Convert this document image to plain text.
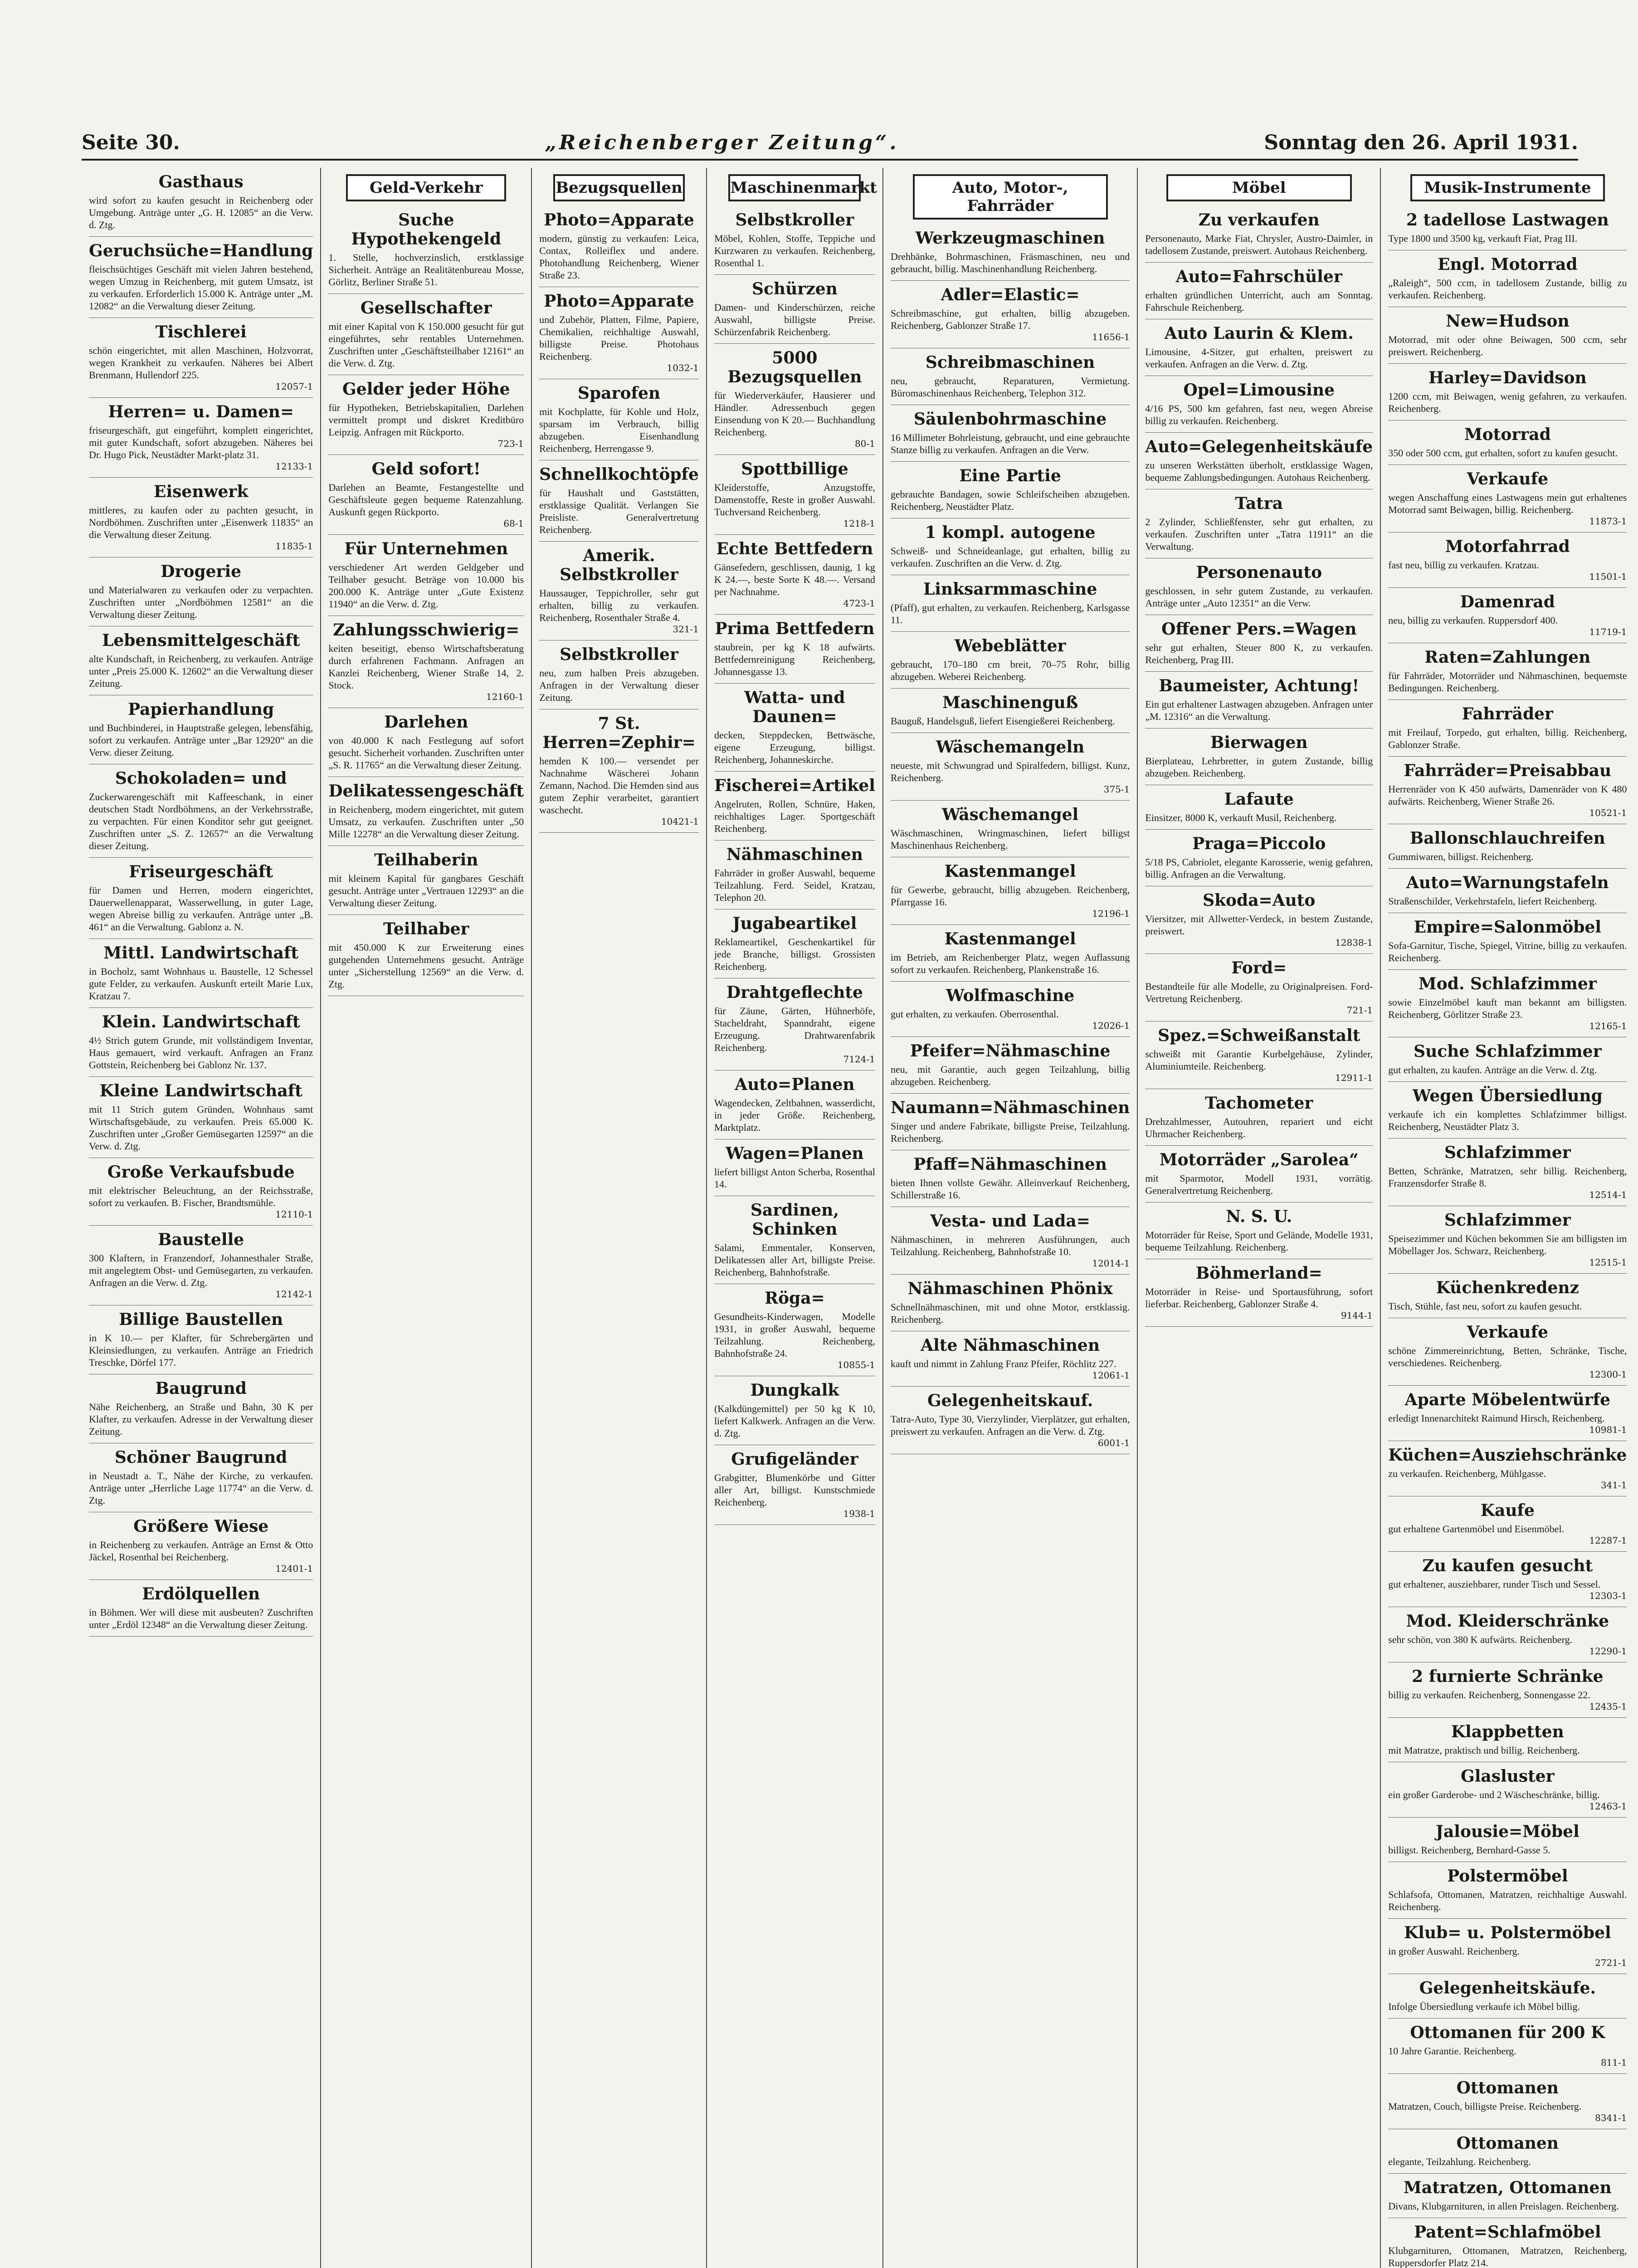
Seite 30.	„Reichenberger Zeitung“.	Sonntag den 26. April 1931.
Gasthaus

wird sofort zu kaufen gesucht in Reichenberg oder Umgebung. Anträge unter „G. H. 12085“ an die Verw. d. Ztg.

Geruchsüche=Handlung

fleischsüchtiges Geschäft mit vielen Jahren bestehend, wegen Umzug in Reichenberg, mit gutem Umsatz, ist zu verkaufen. Erforderlich 15.000 K. Anträge unter „M. 12082“ an die Verwaltung dieser Zeitung.

Tischlerei

schön eingerichtet, mit allen Maschinen, Holzvorrat, wegen Krankheit zu verkaufen. Näheres bei Albert Brenmann, Hullendorf 225.

12057-1
Herren= u. Damen=

friseurgeschäft, gut eingeführt, komplett eingerichtet, mit guter Kundschaft, sofort abzugeben. Näheres bei Dr. Hugo Pick, Neustädter Markt-platz 31.

12133-1
Eisenwerk

mittleres, zu kaufen oder zu pachten gesucht, in Nordböhmen. Zuschriften unter „Eisenwerk 11835“ an die Verwaltung dieser Zeitung.

11835-1
Drogerie

und Materialwaren zu verkaufen oder zu verpachten. Zuschriften unter „Nordböhmen 12581“ an die Verwaltung dieser Zeitung.

Lebensmittelgeschäft

alte Kundschaft, in Reichenberg, zu verkaufen. Anträge unter „Preis 25.000 K. 12602“ an die Verwaltung dieser Zeitung.

Papierhandlung

und Buchbinderei, in Hauptstraße gelegen, lebensfähig, sofort zu verkaufen. Anträge unter „Bar 12920“ an die Verw. dieser Zeitung.

Schokoladen= und

Zuckerwarengeschäft mit Kaffeeschank, in einer deutschen Stadt Nordböhmens, an der Verkehrsstraße, zu verpachten. Für einen Konditor sehr gut geeignet. Zuschriften unter „S. Z. 12657“ an die Verwaltung dieser Zeitung.

Friseurgeschäft

für Damen und Herren, modern eingerichtet, Dauerwellenapparat, Wasserwellung, in guter Lage, wegen Abreise billig zu verkaufen. Anträge unter „B. 461“ an die Verwaltung. Gablonz a. N.

Mittl. Landwirtschaft

in Bocholz, samt Wohnhaus u. Baustelle, 12 Schessel gute Felder, zu verkaufen. Auskunft erteilt Marie Lux, Kratzau 7.

Klein. Landwirtschaft

4½ Strich gutem Grunde, mit vollständigem Inventar, Haus gemauert, wird verkauft. Anfragen an Franz Gottstein, Reichenberg bei Gablonz Nr. 137.

Kleine Landwirtschaft

mit 11 Strich gutem Gründen, Wohnhaus samt Wirtschaftsgebäude, zu verkaufen. Preis 65.000 K. Zuschriften unter „Großer Gemüsegarten 12597“ an die Verw. d. Ztg.

Große Verkaufsbude

mit elektrischer Beleuchtung, an der Reichsstraße, sofort zu verkaufen. B. Fischer, Brandtsmühle.

12110-1
Baustelle

300 Klaftern, in Franzendorf, Johannesthaler Straße, mit angelegtem Obst- und Gemüsegarten, zu verkaufen. Anfragen an die Verw. d. Ztg.

12142-1
Billige Baustellen

in K 10.— per Klafter, für Schrebergärten und Kleinsiedlungen, zu verkaufen. Anträge an Friedrich Treschke, Dörfel 177.

Baugrund

Nähe Reichenberg, an Straße und Bahn, 30 K per Klafter, zu verkaufen. Adresse in der Verwaltung dieser Zeitung.

Schöner Baugrund

in Neustadt a. T., Nähe der Kirche, zu verkaufen. Anträge unter „Herrliche Lage 11774“ an die Verw. d. Ztg.

Größere Wiese

in Reichenberg zu verkaufen. Anträge an Ernst & Otto Jäckel, Rosenthal bei Reichenberg.

12401-1
Erdölquellen

in Böhmen. Wer will diese mit ausbeuten? Zuschriften unter „Erdöl 12348“ an die Verwaltung dieser Zeitung.

Geld-Verkehr
Suche Hypothekengeld

1. Stelle, hochverzinslich, erstklassige Sicherheit. Anträge an Realitätenbureau Mosse, Görlitz, Berliner Straße 51.

Gesellschafter

mit einer Kapital von K 150.000 gesucht für gut eingeführtes, sehr rentables Unternehmen. Zuschriften unter „Geschäftsteilhaber 12161“ an die Verw. d. Ztg.

Gelder jeder Höhe

für Hypotheken, Betriebskapitalien, Darlehen vermittelt prompt und diskret Kreditbüro Leipzig. Anfragen mit Rückporto.

723-1
Geld sofort!

Darlehen an Beamte, Festangestellte und Geschäftsleute gegen bequeme Ratenzahlung. Auskunft gegen Rückporto.

68-1
Für Unternehmen

verschiedener Art werden Geldgeber und Teilhaber gesucht. Beträge von 10.000 bis 200.000 K. Anträge unter „Gute Existenz 11940“ an die Verw. d. Ztg.

Zahlungsschwierig=

keiten beseitigt, ebenso Wirtschaftsberatung durch erfahrenen Fachmann. Anfragen an Kanzlei Reichenberg, Wiener Straße 14, 2. Stock.

12160-1
Darlehen

von 40.000 K nach Festlegung auf sofort gesucht. Sicherheit vorhanden. Zuschriften unter „S. R. 11765“ an die Verwaltung dieser Zeitung.

Delikatessengeschäft

in Reichenberg, modern eingerichtet, mit gutem Umsatz, zu verkaufen. Zuschriften unter „50 Mille 12278“ an die Verwaltung dieser Zeitung.

Teilhaberin

mit kleinem Kapital für gangbares Geschäft gesucht. Anträge unter „Vertrauen 12293“ an die Verwaltung dieser Zeitung.

Teilhaber

mit 450.000 K zur Erweiterung eines gutgehenden Unternehmens gesucht. Anträge unter „Sicherstellung 12569“ an die Verw. d. Ztg.

Bezugsquellen
Photo=Apparate

modern, günstig zu verkaufen: Leica, Contax, Rolleiflex und andere. Photohandlung Reichenberg, Wiener Straße 23.

Photo=Apparate

und Zubehör, Platten, Filme, Papiere, Chemikalien, reichhaltige Auswahl, billigste Preise. Photohaus Reichenberg.

1032-1
Sparofen

mit Kochplatte, für Kohle und Holz, sparsam im Verbrauch, billig abzugeben. Eisenhandlung Reichenberg, Herrengasse 9.

Schnellkochtöpfe

für Haushalt und Gaststätten, erstklassige Qualität. Verlangen Sie Preisliste. Generalvertretung Reichenberg.

Amerik. Selbstkroller

Haussauger, Teppichroller, sehr gut erhalten, billig zu verkaufen. Reichenberg, Rosenthaler Straße 4.

321-1
Selbstkroller

neu, zum halben Preis abzugeben. Anfragen in der Verwaltung dieser Zeitung.

7 St. Herren=Zephir=

hemden K 100.— versendet per Nachnahme Wäscherei Johann Zemann, Nachod. Die Hemden sind aus gutem Zephir verarbeitet, garantiert waschecht.

10421-1
Maschinenmarkt
Selbstkroller

Möbel, Kohlen, Stoffe, Teppiche und Kurzwaren zu verkaufen. Reichenberg, Rosenthal 1.

Schürzen

Damen- und Kinderschürzen, reiche Auswahl, billigste Preise. Schürzenfabrik Reichenberg.

5000 Bezugsquellen

für Wiederverkäufer, Hausierer und Händler. Adressenbuch gegen Einsendung von K 20.— Buchhandlung Reichenberg.

80-1
Spottbillige

Kleiderstoffe, Anzugstoffe, Damenstoffe, Reste in großer Auswahl. Tuchversand Reichenberg.

1218-1
Echte Bettfedern

Gänsefedern, geschlissen, daunig, 1 kg K 24.—, beste Sorte K 48.—. Versand per Nachnahme.

4723-1
Prima Bettfedern

staubrein, per kg K 18 aufwärts. Bettfedernreinigung Reichenberg, Johannesgasse 13.

Watta- und Daunen=

decken, Steppdecken, Bettwäsche, eigene Erzeugung, billigst. Reichenberg, Johanneskirche.

Fischerei=Artikel

Angelruten, Rollen, Schnüre, Haken, reichhaltiges Lager. Sportgeschäft Reichenberg.

Nähmaschinen

Fahrräder in großer Auswahl, bequeme Teilzahlung. Ferd. Seidel, Kratzau, Telephon 20.

Jugabeartikel

Reklameartikel, Geschenkartikel für jede Branche, billigst. Grossisten Reichenberg.

Drahtgeflechte

für Zäune, Gärten, Hühnerhöfe, Stacheldraht, Spanndraht, eigene Erzeugung. Drahtwarenfabrik Reichenberg.

7124-1
Auto=Planen

Wagendecken, Zeltbahnen, wasserdicht, in jeder Größe. Reichenberg, Marktplatz.

Wagen=Planen

liefert billigst Anton Scherba, Rosenthal 14.

Sardinen, Schinken

Salami, Emmentaler, Konserven, Delikatessen aller Art, billigste Preise. Reichenberg, Bahnhofstraße.

Röga=

Gesundheits-Kinderwagen, Modelle 1931, in großer Auswahl, bequeme Teilzahlung. Reichenberg, Bahnhofstraße 24.

10855-1
Dungkalk

(Kalkdüngemittel) per 50 kg K 10, liefert Kalkwerk. Anfragen an die Verw. d. Ztg.

Grufigeländer

Grabgitter, Blumenkörbe und Gitter aller Art, billigst. Kunstschmiede Reichenberg.

1938-1
Auto, Motor-, Fahrräder
Werkzeugmaschinen

Drehbänke, Bohrmaschinen, Fräsmaschinen, neu und gebraucht, billig. Maschinenhandlung Reichenberg.

Adler=Elastic=

Schreibmaschine, gut erhalten, billig abzugeben. Reichenberg, Gablonzer Straße 17.

11656-1
Schreibmaschinen

neu, gebraucht, Reparaturen, Vermietung. Büromaschinenhaus Reichenberg, Telephon 312.

Säulenbohrmaschine

16 Millimeter Bohrleistung, gebraucht, und eine gebrauchte Stanze billig zu verkaufen. Anfragen an die Verw.

Eine Partie

gebrauchte Bandagen, sowie Schleifscheiben abzugeben. Reichenberg, Neustädter Platz.

1 kompl. autogene

Schweiß- und Schneideanlage, gut erhalten, billig zu verkaufen. Zuschriften an die Verw. d. Ztg.

Linksarmmaschine

(Pfaff), gut erhalten, zu verkaufen. Reichenberg, Karlsgasse 11.

Webeblätter

gebraucht, 170–180 cm breit, 70–75 Rohr, billig abzugeben. Weberei Reichenberg.

Maschinenguß

Bauguß, Handelsguß, liefert Eisengießerei Reichenberg.

Wäschemangeln

neueste, mit Schwungrad und Spiralfedern, billigst. Kunz, Reichenberg.

375-1
Wäschemangel

Wäschmaschinen, Wringmaschinen, liefert billigst Maschinenhaus Reichenberg.

Kastenmangel

für Gewerbe, gebraucht, billig abzugeben. Reichenberg, Pfarrgasse 16.

12196-1
Kastenmangel

im Betrieb, am Reichenberger Platz, wegen Auflassung sofort zu verkaufen. Reichenberg, Plankenstraße 16.

Wolfmaschine

gut erhalten, zu verkaufen. Oberrosenthal.

12026-1
Pfeifer=Nähmaschine

neu, mit Garantie, auch gegen Teilzahlung, billig abzugeben. Reichenberg.

Naumann=Nähmaschinen

Singer und andere Fabrikate, billigste Preise, Teilzahlung. Reichenberg.

Pfaff=Nähmaschinen

bieten Ihnen vollste Gewähr. Alleinverkauf Reichenberg, Schillerstraße 16.

Vesta- und Lada=

Nähmaschinen, in mehreren Ausführungen, auch Teilzahlung. Reichenberg, Bahnhofstraße 10.

12014-1
Nähmaschinen Phönix

Schnellnähmaschinen, mit und ohne Motor, erstklassig. Reichenberg.

Alte Nähmaschinen

kauft und nimmt in Zahlung Franz Pfeifer, Röchlitz 227.

12061-1
Gelegenheitskauf.

Tatra-Auto, Type 30, Vierzylinder, Vierplätzer, gut erhalten, preiswert zu verkaufen. Anfragen an die Verw. d. Ztg.

6001-1
Möbel
Zu verkaufen

Personenauto, Marke Fiat, Chrysler, Austro-Daimler, in tadellosem Zustande, preiswert. Autohaus Reichenberg.

Auto=Fahrschüler

erhalten gründlichen Unterricht, auch am Sonntag. Fahrschule Reichenberg.

Auto Laurin & Klem.

Limousine, 4-Sitzer, gut erhalten, preiswert zu verkaufen. Anfragen an die Verw. d. Ztg.

Opel=Limousine

4/16 PS, 500 km gefahren, fast neu, wegen Abreise billig zu verkaufen. Reichenberg.

Auto=Gelegenheitskäufe

zu unseren Werkstätten überholt, erstklassige Wagen, bequeme Zahlungsbedingungen. Autohaus Reichenberg.

Tatra

2 Zylinder, Schließfenster, sehr gut erhalten, zu verkaufen. Zuschriften unter „Tatra 11911“ an die Verwaltung.

Personenauto

geschlossen, in sehr gutem Zustande, zu verkaufen. Anträge unter „Auto 12351“ an die Verw.

Offener Pers.=Wagen

sehr gut erhalten, Steuer 800 K, zu verkaufen. Reichenberg, Prag III.

Baumeister, Achtung!

Ein gut erhaltener Lastwagen abzugeben. Anfragen unter „M. 12316“ an die Verwaltung.

Bierwagen

Bierplateau, Lehrbretter, in gutem Zustande, billig abzugeben. Reichenberg.

Lafaute

Einsitzer, 8000 K, verkauft Musil, Reichenberg.

Praga=Piccolo

5/18 PS, Cabriolet, elegante Karosserie, wenig gefahren, billig. Anfragen an die Verwaltung.

Skoda=Auto

Viersitzer, mit Allwetter-Verdeck, in bestem Zustande, preiswert.

12838-1
Ford=

Bestandteile für alle Modelle, zu Originalpreisen. Ford-Vertretung Reichenberg.

721-1
Spez.=Schweißanstalt

schweißt mit Garantie Kurbelgehäuse, Zylinder, Aluminiumteile. Reichenberg.

12911-1
Tachometer

Drehzahlmesser, Autouhren, repariert und eicht Uhrmacher Reichenberg.

Motorräder „Sarolea“

mit Sparmotor, Modell 1931, vorrätig. Generalvertretung Reichenberg.

N. S. U.

Motorräder für Reise, Sport und Gelände, Modelle 1931, bequeme Teilzahlung. Reichenberg.

Böhmerland=

Motorräder in Reise- und Sportausführung, sofort lieferbar. Reichenberg, Gablonzer Straße 4.

9144-1
Musik-Instrumente
2 tadellose Lastwagen

Type 1800 und 3500 kg, verkauft Fiat, Prag III.

Engl. Motorrad

„Raleigh“, 500 ccm, in tadellosem Zustande, billig zu verkaufen. Reichenberg.

New=Hudson

Motorrad, mit oder ohne Beiwagen, 500 ccm, sehr preiswert. Reichenberg.

Harley=Davidson

1200 ccm, mit Beiwagen, wenig gefahren, zu verkaufen. Reichenberg.

Motorrad

350 oder 500 ccm, gut erhalten, sofort zu kaufen gesucht.

Verkaufe

wegen Anschaffung eines Lastwagens mein gut erhaltenes Motorrad samt Beiwagen, billig. Reichenberg.

11873-1
Motorfahrrad

fast neu, billig zu verkaufen. Kratzau.

11501-1
Damenrad

neu, billig zu verkaufen. Ruppersdorf 400.

11719-1
Raten=Zahlungen

für Fahrräder, Motorräder und Nähmaschinen, bequemste Bedingungen. Reichenberg.

Fahrräder

mit Freilauf, Torpedo, gut erhalten, billig. Reichenberg, Gablonzer Straße.

Fahrräder=Preisabbau

Herrenräder von K 450 aufwärts, Damenräder von K 480 aufwärts. Reichenberg, Wiener Straße 26.

10521-1
Ballonschlauchreifen

Gummiwaren, billigst. Reichenberg.

Auto=Warnungstafeln

Straßenschilder, Verkehrstafeln, liefert Reichenberg.

Empire=Salonmöbel

Sofa-Garnitur, Tische, Spiegel, Vitrine, billig zu verkaufen. Reichenberg.

Mod. Schlafzimmer

sowie Einzelmöbel kauft man bekannt am billigsten. Reichenberg, Görlitzer Straße 23.

12165-1
Suche Schlafzimmer

gut erhalten, zu kaufen. Anträge an die Verw. d. Ztg.

Wegen Übersiedlung

verkaufe ich ein komplettes Schlafzimmer billigst. Reichenberg, Neustädter Platz 3.

Schlafzimmer

Betten, Schränke, Matratzen, sehr billig. Reichenberg, Franzensdorfer Straße 8.

12514-1
Schlafzimmer

Speisezimmer und Küchen bekommen Sie am billigsten im Möbellager Jos. Schwarz, Reichenberg.

12515-1
Küchenkredenz

Tisch, Stühle, fast neu, sofort zu kaufen gesucht.

Verkaufe

schöne Zimmereinrichtung, Betten, Schränke, Tische, verschiedenes. Reichenberg.

12300-1
Aparte Möbelentwürfe

erledigt Innenarchitekt Raimund Hirsch, Reichenberg.

10981-1
Küchen=Ausziehschränke

zu verkaufen. Reichenberg, Mühlgasse.

341-1
Kaufe

gut erhaltene Gartenmöbel und Eisenmöbel.

12287-1
Zu kaufen gesucht

gut erhaltener, ausziehbarer, runder Tisch und Sessel.

12303-1
Mod. Kleiderschränke

sehr schön, von 380 K aufwärts. Reichenberg.

12290-1
2 furnierte Schränke

billig zu verkaufen. Reichenberg, Sonnengasse 22.

12435-1
Klappbetten

mit Matratze, praktisch und billig. Reichenberg.

Glasluster

ein großer Garderobe- und 2 Wäscheschränke, billig.

12463-1
Jalousie=Möbel

billigst. Reichenberg, Bernhard-Gasse 5.

Polstermöbel

Schlafsofa, Ottomanen, Matratzen, reichhaltige Auswahl. Reichenberg.

Klub= u. Polstermöbel

in großer Auswahl. Reichenberg.

2721-1
Gelegenheitskäufe.

Infolge Übersiedlung verkaufe ich Möbel billig.

Ottomanen für 200 K

10 Jahre Garantie. Reichenberg.

811-1
Ottomanen

Matratzen, Couch, billigste Preise. Reichenberg.

8341-1
Ottomanen

elegante, Teilzahlung. Reichenberg.

Matratzen, Ottomanen

Divans, Klubgarnituren, in allen Preislagen. Reichenberg.

Patent=Schlafmöbel

Klubgarnituren, Ottomanen, Matratzen, Reichenberg, Ruppersdorfer Platz 214.
